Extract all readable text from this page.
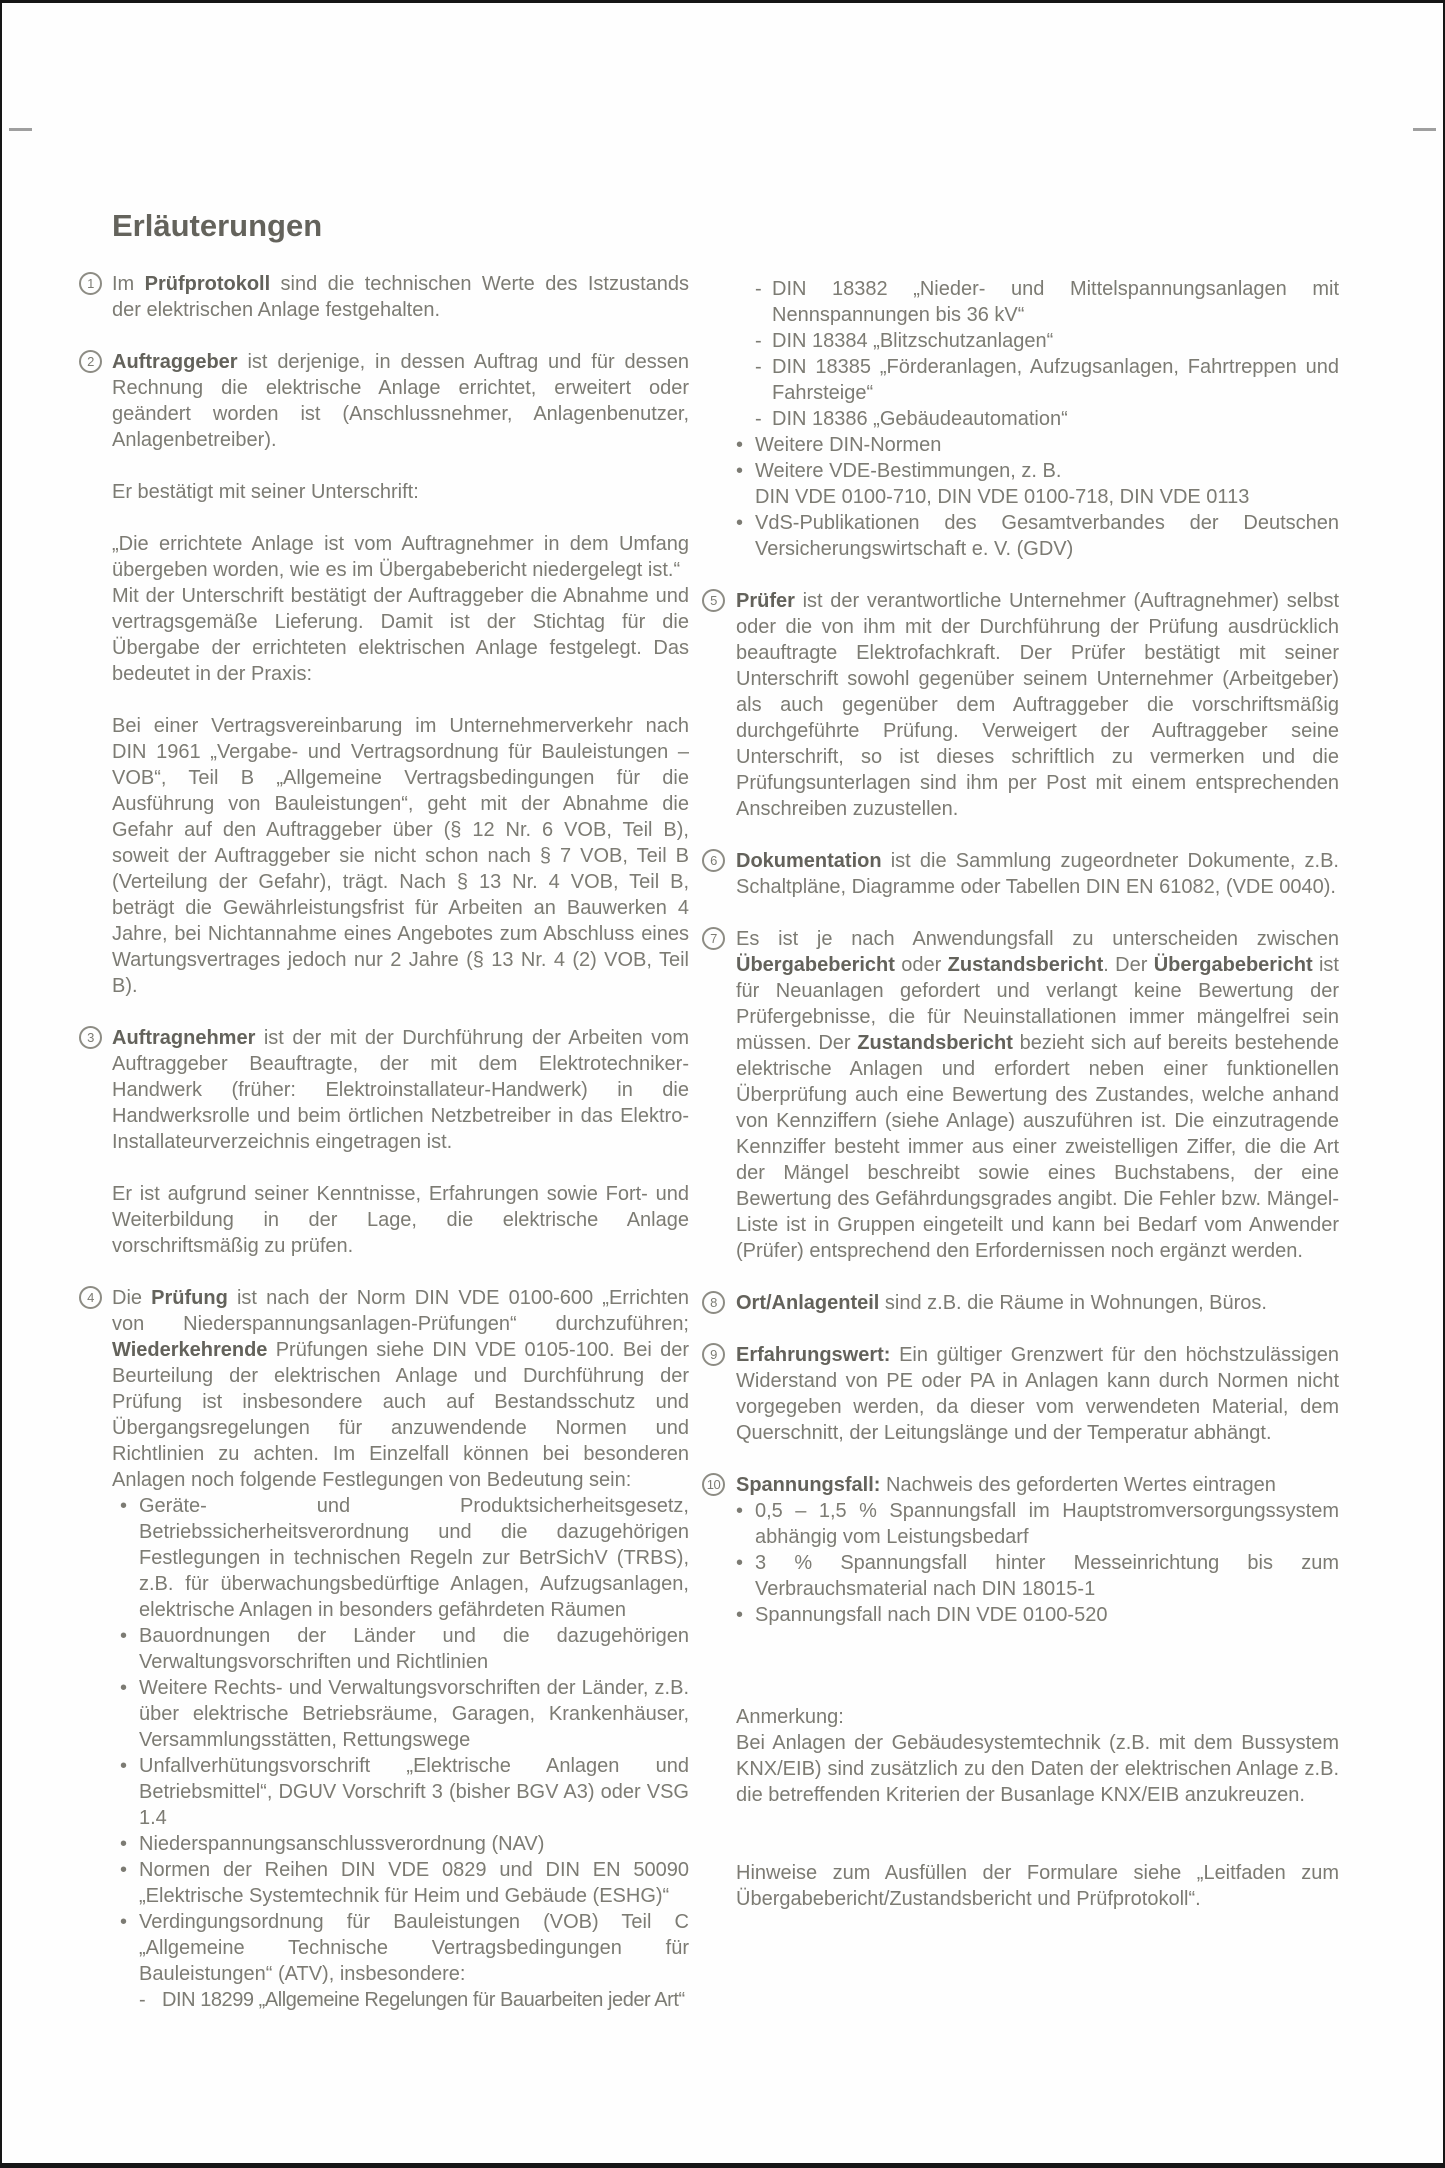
Erläuterungen
1 Im Prüfprotokoll sind die technischen Werte des Istzustands der elektrischen Anlage festgehalten.

2 Auftraggeber ist derjenige, in dessen Auftrag und für dessen Rechnung die elektrische Anlage errichtet, erweitert oder geändert worden ist (Anschlussnehmer, Anlagenbenutzer, Anlagenbetreiber).

Er bestätigt mit seiner Unterschrift:

„Die errichtete Anlage ist vom Auftragnehmer in dem Umfang übergeben worden, wie es im Übergabebericht niedergelegt ist.“

Mit der Unterschrift bestätigt der Auftraggeber die Abnahme und vertragsgemäße Lieferung. Damit ist der Stichtag für die Übergabe der errichteten elektrischen Anlage festgelegt. Das bedeutet in der Praxis:

Bei einer Vertragsvereinbarung im Unternehmerverkehr nach DIN 1961 „Vergabe- und Vertragsordnung für Bauleistungen – VOB“, Teil B „Allgemeine Vertragsbedingungen für die Ausführung von Bauleistungen“, geht mit der Abnahme die Gefahr auf den Auftraggeber über (§ 12 Nr. 6 VOB, Teil B), soweit der Auftraggeber sie nicht schon nach § 7 VOB, Teil B (Verteilung der Gefahr), trägt. Nach § 13 Nr. 4 VOB, Teil B, beträgt die Gewährleistungsfrist für Arbeiten an Bauwerken 4 Jahre, bei Nichtannahme eines Angebotes zum Abschluss eines Wartungsvertrages jedoch nur 2 Jahre (§ 13 Nr. 4 (2) VOB, Teil B).

3 Auftragnehmer ist der mit der Durchführung der Arbeiten vom Auftraggeber Beauftragte, der mit dem Elektrotechniker-Handwerk (früher: Elektroinstallateur-Handwerk) in die Handwerksrolle und beim örtlichen Netzbetreiber in das Elektro-Installateurverzeichnis eingetragen ist.

Er ist aufgrund seiner Kenntnisse, Erfahrungen sowie Fort- und Weiterbildung in der Lage, die elektrische Anlage vorschriftsmäßig zu prüfen.

4 Die Prüfung ist nach der Norm DIN VDE 0100-600 „Errichten von Niederspannungsanlagen-Prüfungen“ durchzuführen; Wiederkehrende Prüfungen siehe DIN VDE 0105-100. Bei der Beurteilung der elektrischen Anlage und Durchführung der Prüfung ist insbesondere auch auf Bestandsschutz und Übergangsregelungen für anzuwendende Normen und Richtlinien zu achten. Im Einzelfall können bei besonderen Anlagen noch folgende Festlegungen von Bedeutung sein:

• Geräte- und Produktsicherheitsgesetz, Betriebssicherheitsverordnung und die dazugehörigen Festlegungen in technischen Regeln zur BetrSichV (TRBS), z.B. für überwachungsbedürftige Anlagen, Aufzugsanlagen, elektrische Anlagen in besonders gefährdeten Räumen
• Bauordnungen der Länder und die dazugehörigen Verwaltungsvorschriften und Richtlinien
• Weitere Rechts- und Verwaltungsvorschriften der Länder, z.B. über elektrische Betriebsräume, Garagen, Krankenhäuser, Versammlungsstätten, Rettungswege
• Unfallverhütungsvorschrift „Elektrische Anlagen und Betriebsmittel“, DGUV Vorschrift 3 (bisher BGV A3) oder VSG 1.4
• Niederspannungsanschlussverordnung (NAV)
• Normen der Reihen DIN VDE 0829 und DIN EN 50090 „Elektrische Systemtechnik für Heim und Gebäude (ESHG)“
• Verdingungsordnung für Bauleistungen (VOB) Teil C „Allgemeine Technische Vertragsbedingungen für Bauleistungen“ (ATV), insbesondere:
- DIN 18299 „Allgemeine Regelungen für Bauarbeiten jeder Art“
- DIN 18382 „Nieder- und Mittelspannungsanlagen mit Nennspannungen bis 36 kV“
- DIN 18384 „Blitzschutzanlagen“
- DIN 18385 „Förderanlagen, Aufzugsanlagen, Fahrtreppen und Fahrsteige“
- DIN 18386 „Gebäudeautomation“
• Weitere DIN-Normen
• Weitere VDE-Bestimmungen, z. B.
DIN VDE 0100-710, DIN VDE 0100-718, DIN VDE 0113
• VdS-Publikationen des Gesamtverbandes der Deutschen Versicherungswirtschaft e. V. (GDV)
5 Prüfer ist der verantwortliche Unternehmer (Auftragnehmer) selbst oder die von ihm mit der Durchführung der Prüfung ausdrücklich beauftragte Elektrofachkraft. Der Prüfer bestätigt mit seiner Unterschrift sowohl gegenüber seinem Unternehmer (Arbeitgeber) als auch gegenüber dem Auftraggeber die vorschriftsmäßig durchgeführte Prüfung. Verweigert der Auftraggeber seine Unterschrift, so ist dieses schriftlich zu vermerken und die Prüfungsunterlagen sind ihm per Post mit einem entsprechenden Anschreiben zuzustellen.

6 Dokumentation ist die Sammlung zugeordneter Dokumente, z.B. Schaltpläne, Diagramme oder Tabellen DIN EN 61082, (VDE 0040).

7 Es ist je nach Anwendungsfall zu unterscheiden zwischen Übergabebericht oder Zustandsbericht. Der Übergabebericht ist für Neuanlagen gefordert und verlangt keine Bewertung der Prüfergebnisse, die für Neuinstallationen immer mängelfrei sein müssen. Der Zustandsbericht bezieht sich auf bereits bestehende elektrische Anlagen und erfordert neben einer funktionellen Überprüfung auch eine Bewertung des Zustandes, welche anhand von Kennziffern (siehe Anlage) auszuführen ist. Die einzutragende Kennziffer besteht immer aus einer zweistelligen Ziffer, die die Art der Mängel beschreibt sowie eines Buchstabens, der eine Bewertung des Gefährdungsgrades angibt. Die Fehler bzw. Mängel-Liste ist in Gruppen eingeteilt und kann bei Bedarf vom Anwender (Prüfer) entsprechend den Erfordernissen noch ergänzt werden.

8 Ort/Anlagenteil sind z.B. die Räume in Wohnungen, Büros.

9 Erfahrungswert: Ein gültiger Grenzwert für den höchstzulässigen Widerstand von PE oder PA in Anlagen kann durch Normen nicht vorgegeben werden, da dieser vom verwendeten Material, dem Querschnitt, der Leitungslänge und der Temperatur abhängt.

10 Spannungsfall: Nachweis des geforderten Wertes eintragen

• 0,5 – 1,5 % Spannungsfall im Hauptstromversorgungssystem abhängig vom Leistungsbedarf
• 3 % Spannungsfall hinter Messeinrichtung bis zum Verbrauchsmaterial nach DIN 18015-1
• Spannungsfall nach DIN VDE 0100-520

Anmerkung:

Bei Anlagen der Gebäudesystemtechnik (z.B. mit dem Bussystem KNX/EIB) sind zusätzlich zu den Daten der elektrischen Anlage z.B. die betreffenden Kriterien der Busanlage KNX/EIB anzukreuzen.

Hinweise zum Ausfüllen der Formulare siehe „Leitfaden zum Übergabebericht/Zustandsbericht und Prüfprotokoll“.
